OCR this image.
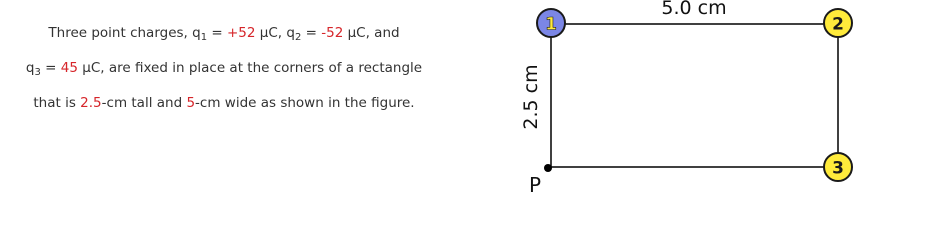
Three point charges, $q_1 = +52$ μC, $q_2 = -52$ μC, and
$q_3 = 45$ μC, are fixed in place at the corners of a rectangle
that is 2.5-cm tall and 5-cm wide as shown in the figure.
5.0 cm
2.5 cm
P
1	2
3
